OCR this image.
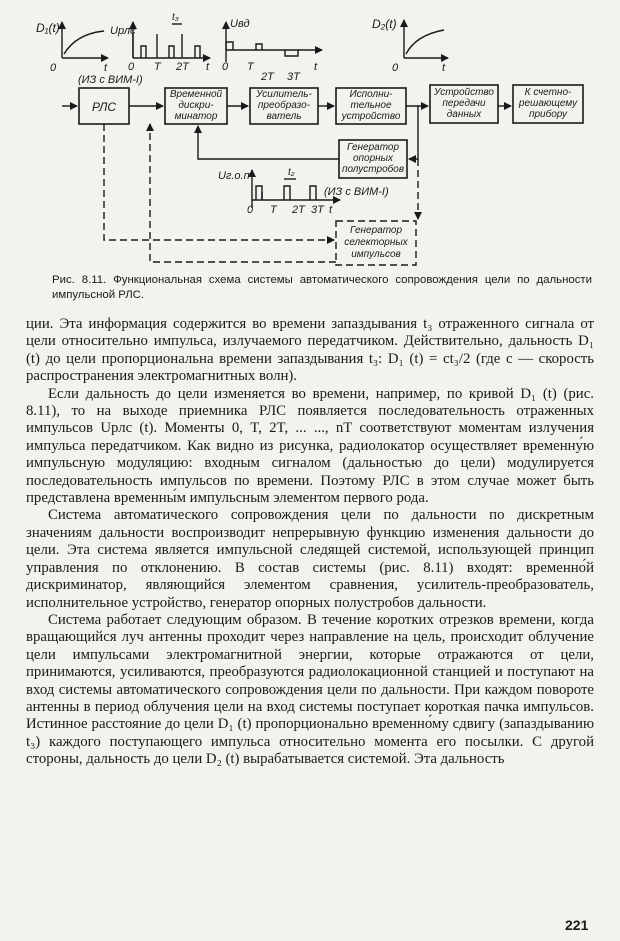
D₁(t)
0	t
Uрлс
t₃
0 T 2T t
Uвд
0 T
2T 3T
t
D₂(t)
0	t
(ИЗ с ВИМ-I)
РЛС
Временной
дискри-
минатор
Усилитель-
преобразо-
ватель
Исполни-
тельное
устройство
Устройство
передачи
данных
К счетно-
решающему
прибору
Генератор
опорных
полустробов
Генератор
селекторных
импульсов
Uг.о.п	t₂
0 T 2T 3T t
(ИЗ с ВИМ-I)
Рис. 8.11. Функциональная схема системы автоматического сопровождения цели по дальности импульсной РЛС.

ции. Эта информация содержится во времени запаздывания t₃ отраженного сигнала от цели относительно импульса, излучаемого передатчиком. Действительно, дальность D₁ (t) до цели пропорциональна времени запаздывания t₃: D₁ (t) = ct₃/2 (где c — скорость распространения электромагнитных волн).

Если дальность до цели изменяется во времени, например, по кривой D₁ (t) (рис. 8.11), то на выходе приемника РЛС появляется последовательность отраженных импульсов Uрлс (t). Моменты 0, T, 2T, ... ..., nT соответствуют моментам излучения импульса передатчиком. Как видно из рисунка, радиолокатор осуществляет временну́ю импульсную модуляцию: входным сигналом (дальностью до цели) модулируется последовательность импульсов по времени. Поэтому РЛС в этом случае может быть представлена временны́м импульсным элементом первого рода.

Система автоматического сопровождения цели по дальности по дискретным значениям дальности воспроизводит непрерывную функцию изменения дальности до цели. Эта система является импульсной следящей системой, использующей принцип управления по отклонению. В состав системы (рис. 8.11) входят: временно́й дискриминатор, являющийся элементом сравнения, усилитель-преобразователь, исполнительное устройство, генератор опорных полустробов дальности.

Система работает следующим образом. В течение коротких отрезков времени, когда вращающийся луч антенны проходит через направление на цель, происходит облучение цели импульсами электромагнитной энергии, которые отражаются от цели, принимаются, усиливаются, преобразуются радиолокационной станцией и поступают на вход системы автоматического сопровождения цели по дальности. При каждом повороте антенны в период облучения цели на вход системы поступает короткая пачка импульсов. Истинное расстояние до цели D₁ (t) пропорционально временно́му сдвигу (запаздыванию t₃) каждого поступающего импульса относительно момента его посылки. С другой стороны, дальность до цели D₂ (t) вырабатывается системой. Эта дальность

221
